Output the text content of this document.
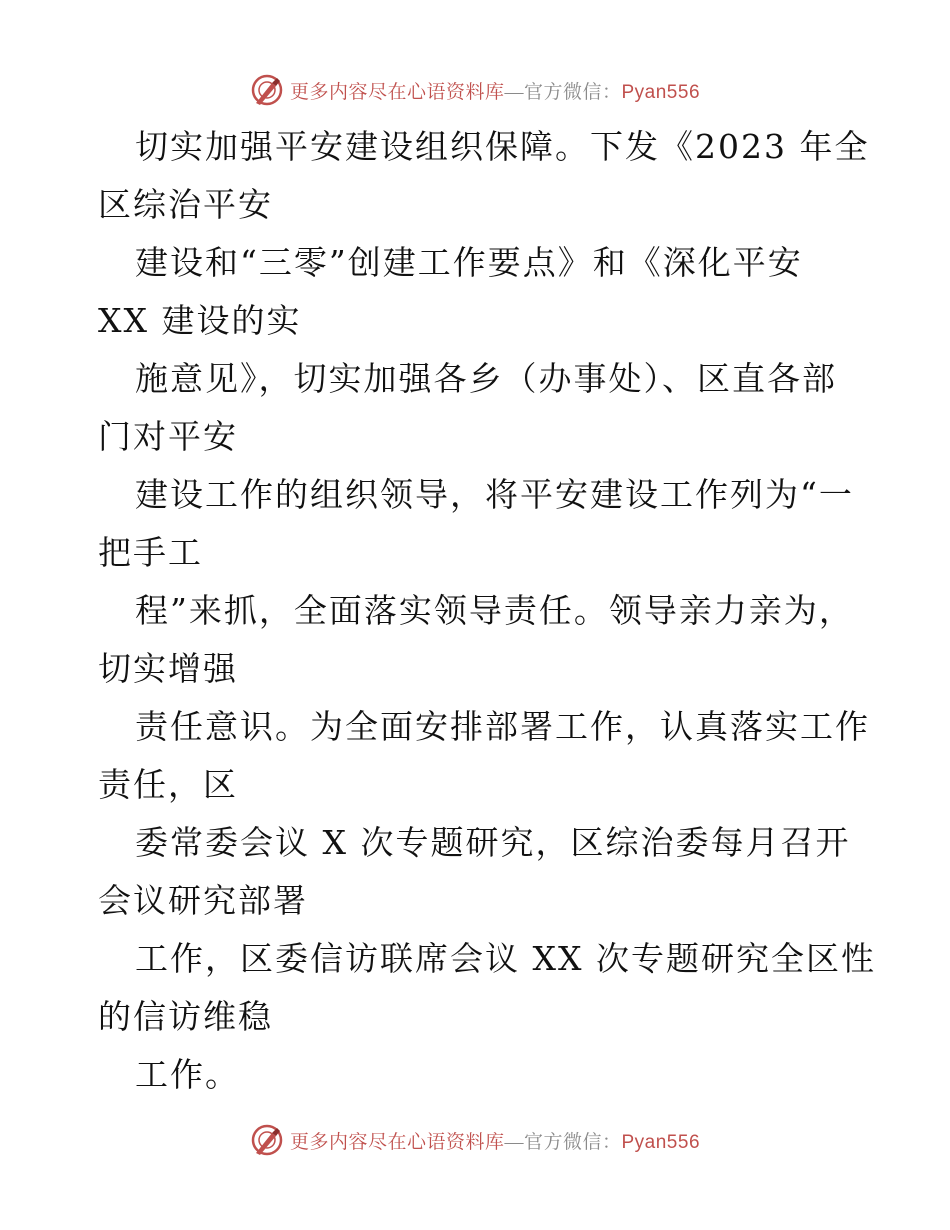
更多内容尽在心语资料库—官方微信：Pyan556
切实加强平安建设组织保障。下发《2023 年全
区综治平安
建设和“三零”创建工作要点》和《深化平安
XX 建设的实
施意见》，切实加强各乡（办事处）、区直各部
门对平安
建设工作的组织领导，将平安建设工作列为“一
把手工
程”来抓，全面落实领导责任。领导亲力亲为，
切实增强
责任意识。为全面安排部署工作，认真落实工作
责任，区
委常委会议 X 次专题研究，区综治委每月召开
会议研究部署
工作，区委信访联席会议 XX 次专题研究全区性
的信访维稳
工作。
更多内容尽在心语资料库—官方微信：Pyan556
